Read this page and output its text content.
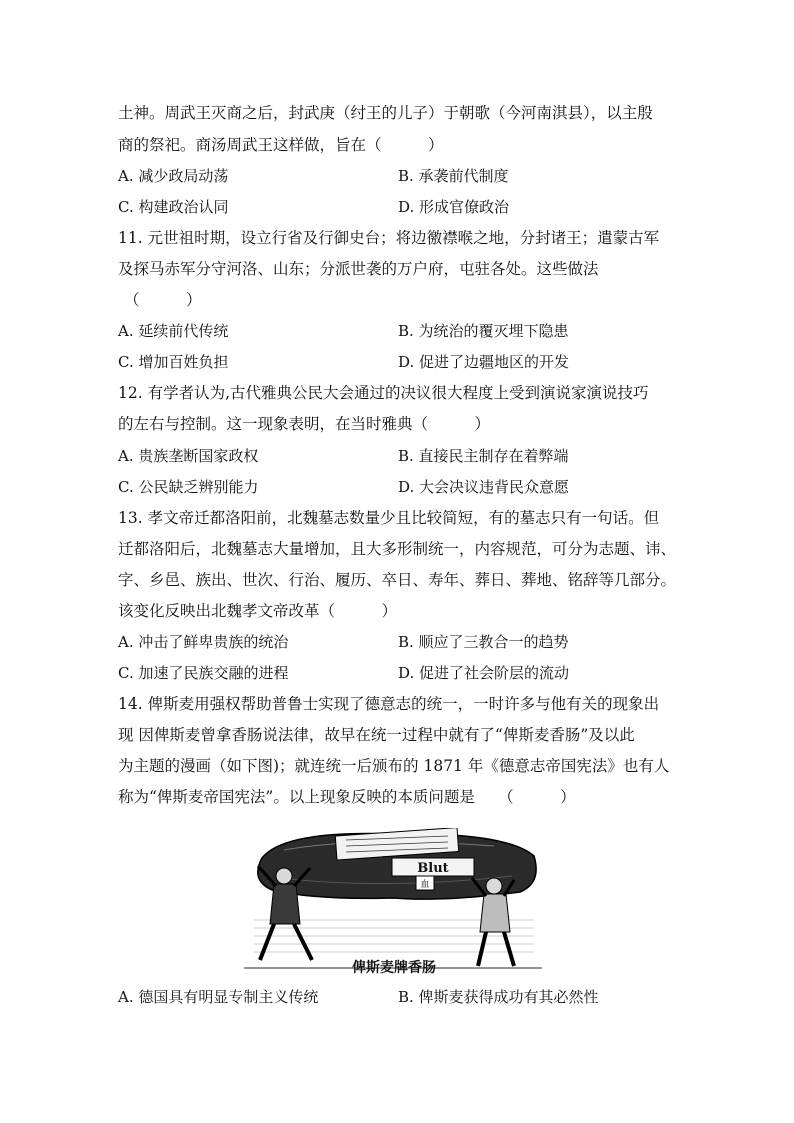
土神。周武王灭商之后，封武庚（纣王的儿子）于朝歌（今河南淇县），以主殷
商的祭祀。商汤周武王这样做，旨在（　　　）
A. 减少政局动荡	B. 承袭前代制度
C. 构建政治认同	D. 形成官僚政治
11. 元世祖时期，设立行省及行御史台；将边徼襟喉之地，分封诸王；遣蒙古军
及探马赤军分守河洛、山东；分派世袭的万户府，屯驻各处。这些做法
（　　　）
A. 延续前代传统	B. 为统治的覆灭埋下隐患
C. 增加百姓负担	D. 促进了边疆地区的开发
12. 有学者认为,古代雅典公民大会通过的决议很大程度上受到演说家演说技巧
的左右与控制。这一现象表明，在当时雅典（　　　）
A. 贵族垄断国家政权	B. 直接民主制存在着弊端
C. 公民缺乏辨别能力	D. 大会决议违背民众意愿
13. 孝文帝迁都洛阳前，北魏墓志数量少且比较简短，有的墓志只有一句话。但
迁都洛阳后，北魏墓志大量增加，且大多形制统一，内容规范，可分为志题、讳、
字、乡邑、族出、世次、行治、履历、卒日、寿年、葬日、葬地、铭辞等几部分。
该变化反映出北魏孝文帝改革（　　　）
A. 冲击了鲜卑贵族的统治	B. 顺应了三教合一的趋势
C. 加速了民族交融的进程	D. 促进了社会阶层的流动
14. 俾斯麦用强权帮助普鲁士实现了德意志的统一，一时许多与他有关的现象出
现 因俾斯麦曾拿香肠说法律，故早在统一过程中就有了“俾斯麦香肠”及以此
为主题的漫画（如下图)；就连统一后颁布的 1871 年《德意志帝国宪法》也有人
称为“俾斯麦帝国宪法”。以上现象反映的本质问题是　　（　　　）
Blut
血
俾斯麦牌香肠
A. 德国具有明显专制主义传统	B. 俾斯麦获得成功有其必然性
